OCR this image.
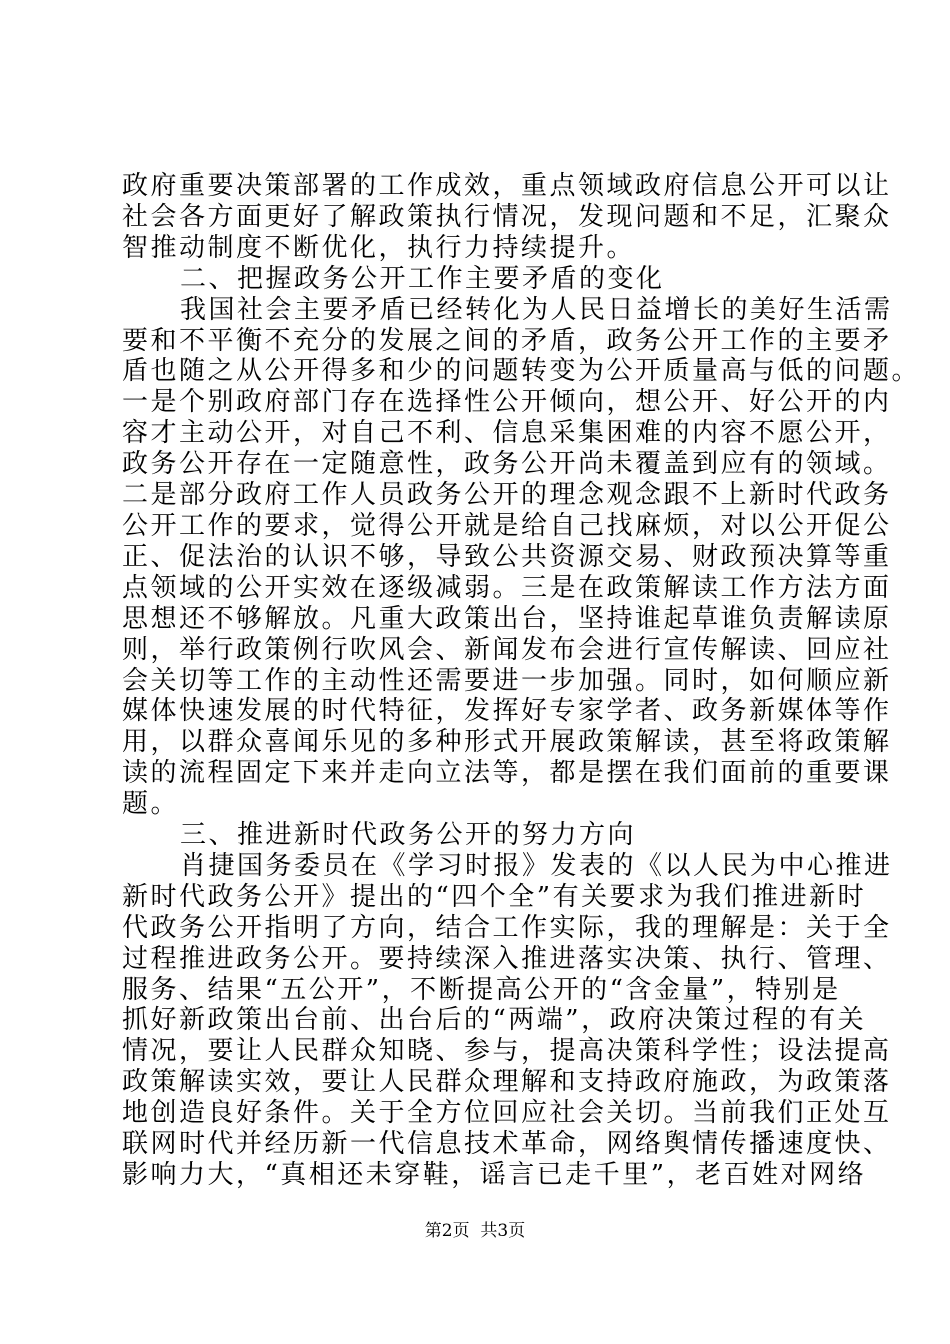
政府重要决策部署的工作成效，重点领域政府信息公开可以让
社会各方面更好了解政策执行情况，发现问题和不足，汇聚众
智推动制度不断优化，执行力持续提升。
二、把握政务公开工作主要矛盾的变化
我国社会主要矛盾已经转化为人民日益增长的美好生活需
要和不平衡不充分的发展之间的矛盾，政务公开工作的主要矛
盾也随之从公开得多和少的问题转变为公开质量高与低的问题。
一是个别政府部门存在选择性公开倾向，想公开、好公开的内
容才主动公开，对自己不利、信息采集困难的内容不愿公开，
政务公开存在一定随意性，政务公开尚未覆盖到应有的领域。
二是部分政府工作人员政务公开的理念观念跟不上新时代政务
公开工作的要求，觉得公开就是给自己找麻烦，对以公开促公
正、促法治的认识不够，导致公共资源交易、财政预决算等重
点领域的公开实效在逐级减弱。三是在政策解读工作方法方面
思想还不够解放。凡重大政策出台，坚持谁起草谁负责解读原
则，举行政策例行吹风会、新闻发布会进行宣传解读、回应社
会关切等工作的主动性还需要进一步加强。同时，如何顺应新
媒体快速发展的时代特征，发挥好专家学者、政务新媒体等作
用，以群众喜闻乐见的多种形式开展政策解读，甚至将政策解
读的流程固定下来并走向立法等，都是摆在我们面前的重要课
题。
三、推进新时代政务公开的努力方向
肖捷国务委员在《学习时报》发表的《以人民为中心推进
新时代政务公开》提出的“四个全”有关要求为我们推进新时
代政务公开指明了方向，结合工作实际，我的理解是：关于全
过程推进政务公开。要持续深入推进落实决策、执行、管理、
服务、结果“五公开”，不断提高公开的“含金量”，特别是
抓好新政策出台前、出台后的“两端”，政府决策过程的有关
情况，要让人民群众知晓、参与，提高决策科学性；设法提高
政策解读实效，要让人民群众理解和支持政府施政，为政策落
地创造良好条件。关于全方位回应社会关切。当前我们正处互
联网时代并经历新一代信息技术革命，网络舆情传播速度快、
影响力大，“真相还未穿鞋，谣言已走千里”，老百姓对网络
第2页  共3页
